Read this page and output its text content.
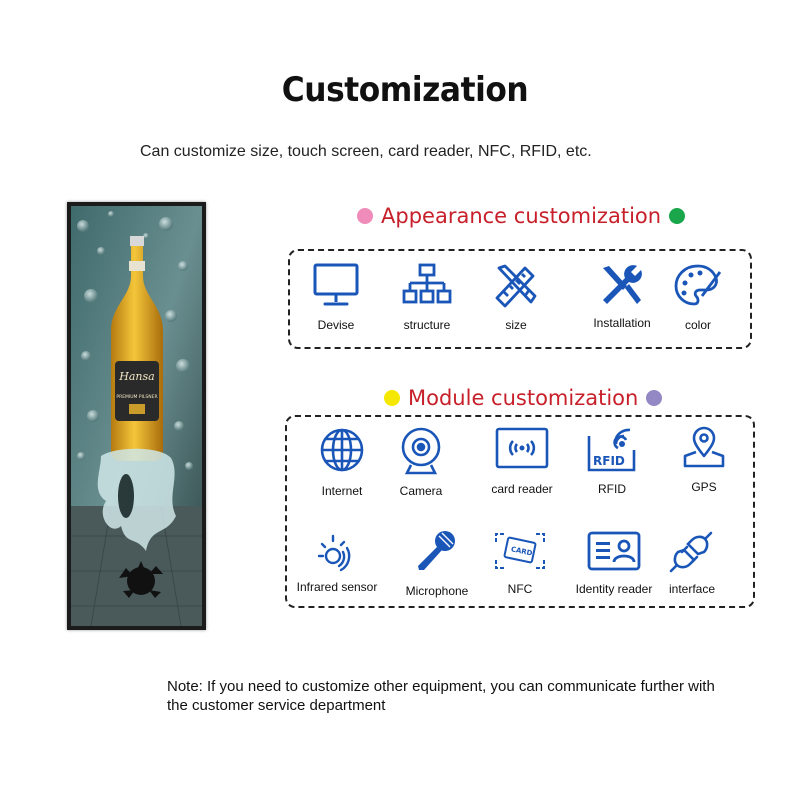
Customization
Can customize size, touch screen, card reader, NFC, RFID, etc.
Hansa
PREMIUM PILSNER
Appearance customization
Devise	structure	size	Installation	color
Module customization
Internet	Camera	card reader
RFID
RFID	GPS
Infrared sensor Microphone
CARD
NFC	Identity reader interface
Note: If you need to customize other equipment, you can communicate further with the customer service department
